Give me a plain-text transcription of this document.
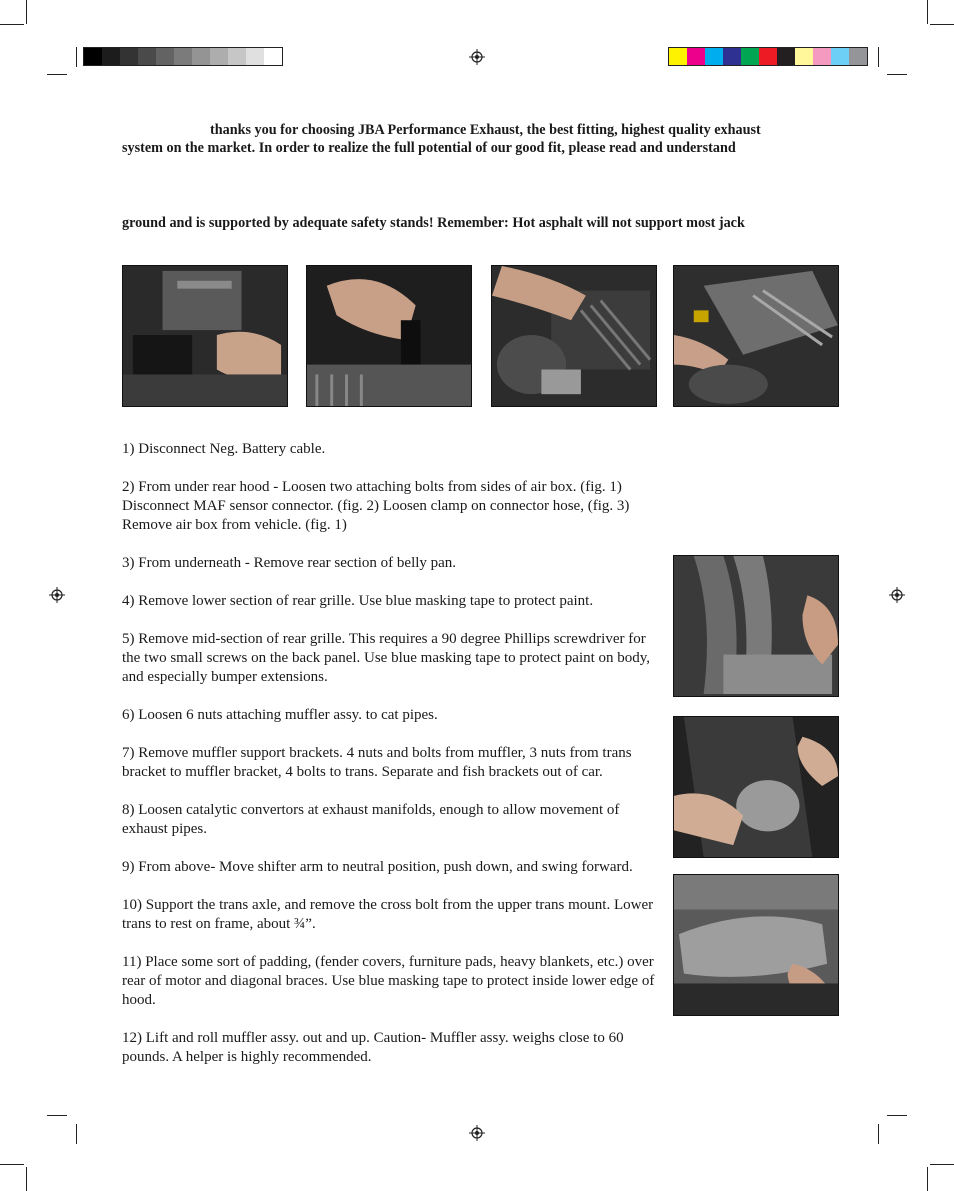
thanks you for choosing JBA Performance Exhaust, the best fitting, highest quality exhaust
system on the market. In order to realize the full potential of our good fit, please read and understand
ground and is supported by adequate safety stands! Remember: Hot asphalt will not support most jack

1) Disconnect Neg. Battery cable.

2) From under rear hood - Loosen two attaching bolts from sides of air box. (fig. 1) Disconnect MAF sensor connector. (fig. 2) Loosen clamp on connector hose, (fig. 3) Remove air box from vehicle. (fig. 1)

3) From underneath - Remove rear section of belly pan.

4) Remove lower section of rear grille. Use blue masking tape to protect paint.

5) Remove mid-section of rear grille. This requires a 90 degree Phillips screwdriver for the two small screws on the back panel. Use blue masking tape to protect paint on body, and especially bumper extensions.

6) Loosen 6 nuts attaching muffler assy. to cat pipes.

7) Remove muffler support brackets. 4 nuts and bolts from muffler, 3 nuts from trans bracket to muffler bracket, 4 bolts to trans. Separate and fish brackets out of car.

8) Loosen catalytic convertors at exhaust manifolds, enough to allow movement of exhaust pipes.

9) From above- Move shifter arm to neutral position, push down, and swing forward.

10) Support the trans axle, and remove the cross bolt from the upper trans mount. Lower trans to rest on frame, about ¾”.

11) Place some sort of padding, (fender covers, furniture pads, heavy blankets, etc.) over rear of motor and diagonal braces. Use blue masking tape to protect inside lower edge of hood.

12) Lift and roll muffler assy. out and up. Caution- Muffler assy. weighs close to 60 pounds. A helper is highly recommended.
